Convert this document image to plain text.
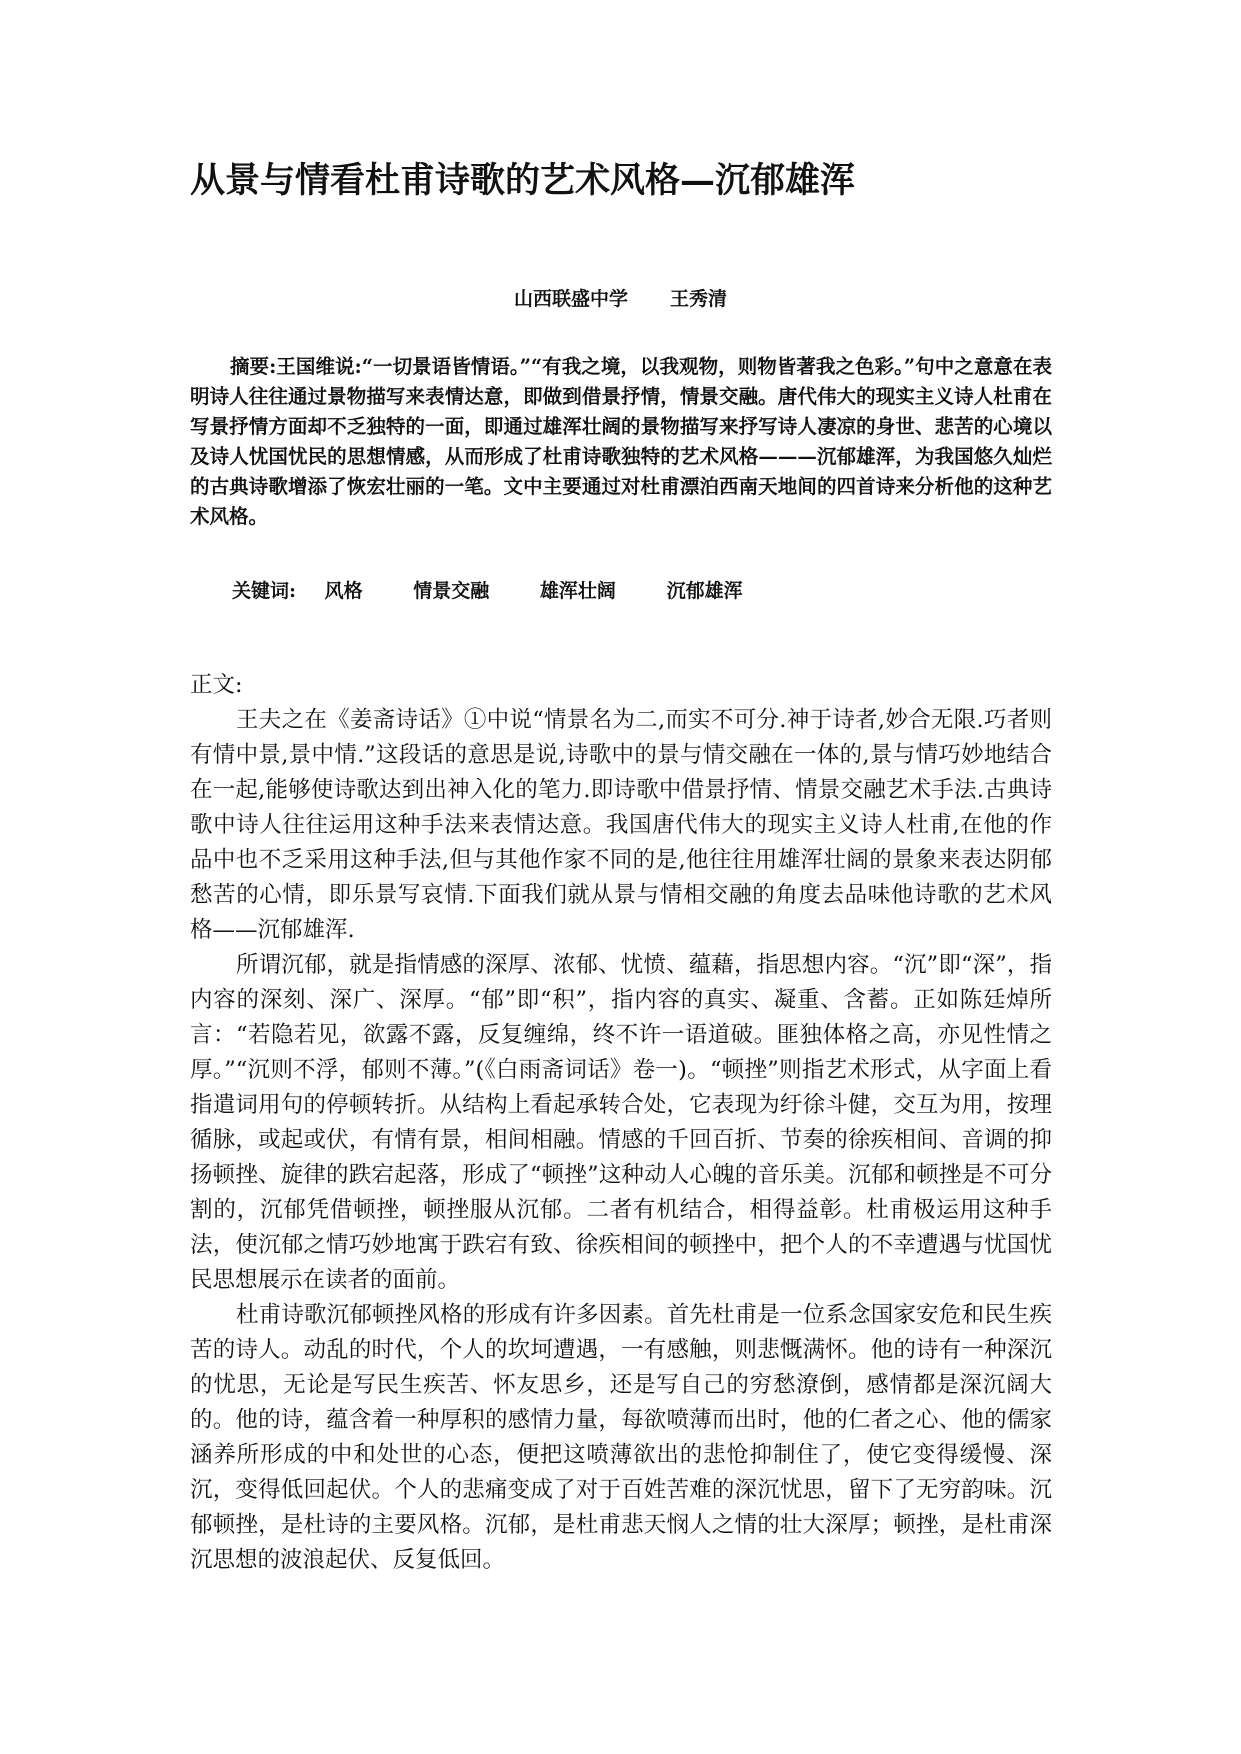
从景与情看杜甫诗歌的艺术风格—沉郁雄浑
山西联盛中学 王秀清

摘要:王国维说:“一切景语皆情语。”“有我之境，以我观物，则物皆著我之色彩。”句中之意意在表明诗人往往通过景物描写来表情达意，即做到借景抒情，情景交融。唐代伟大的现实主义诗人杜甫在写景抒情方面却不乏独特的一面，即通过雄浑壮阔的景物描写来抒写诗人凄凉的身世、悲苦的心境以及诗人忧国忧民的思想情感，从而形成了杜甫诗歌独特的艺术风格———沉郁雄浑，为我国悠久灿烂的古典诗歌增添了恢宏壮丽的一笔。文中主要通过对杜甫漂泊西南天地间的四首诗来分析他的这种艺术风格。

关键词: 风格	情景交融	雄浑壮阔	沉郁雄浑

正文:

王夫之在《姜斋诗话》①中说“情景名为二,而实不可分.神于诗者,妙合无限.巧者则有情中景,景中情.”这段话的意思是说,诗歌中的景与情交融在一体的,景与情巧妙地结合在一起,能够使诗歌达到出神入化的笔力.即诗歌中借景抒情、情景交融艺术手法.古典诗歌中诗人往往运用这种手法来表情达意。我国唐代伟大的现实主义诗人杜甫,在他的作品中也不乏采用这种手法,但与其他作家不同的是,他往往用雄浑壮阔的景象来表达阴郁愁苦的心情，即乐景写哀情.下面我们就从景与情相交融的角度去品味他诗歌的艺术风格——沉郁雄浑.

所谓沉郁，就是指情感的深厚、浓郁、忧愤、蕴藉，指思想内容。“沉”即“深”，指内容的深刻、深广、深厚。“郁”即“积”，指内容的真实、凝重、含蓄。正如陈廷焯所言：“若隐若见，欲露不露，反复缠绵，终不许一语道破。匪独体格之高，亦见性情之厚。”“沉则不浮，郁则不薄。”(《白雨斋词话》卷一)。“顿挫”则指艺术形式，从字面上看指遣词用句的停顿转折。从结构上看起承转合处，它表现为纡徐斗健，交互为用，按理循脉，或起或伏，有情有景，相间相融。情感的千回百折、节奏的徐疾相间、音调的抑扬顿挫、旋律的跌宕起落，形成了“顿挫”这种动人心魄的音乐美。沉郁和顿挫是不可分割的，沉郁凭借顿挫，顿挫服从沉郁。二者有机结合，相得益彰。杜甫极运用这种手法，使沉郁之情巧妙地寓于跌宕有致、徐疾相间的顿挫中，把个人的不幸遭遇与忧国忧民思想展示在读者的面前。

杜甫诗歌沉郁顿挫风格的形成有许多因素。首先杜甫是一位系念国家安危和民生疾苦的诗人。动乱的时代，个人的坎坷遭遇，一有感触，则悲慨满怀。他的诗有一种深沉的忧思，无论是写民生疾苦、怀友思乡，还是写自己的穷愁潦倒，感情都是深沉阔大的。他的诗，蕴含着一种厚积的感情力量，每欲喷薄而出时，他的仁者之心、他的儒家涵养所形成的中和处世的心态，便把这喷薄欲出的悲怆抑制住了，使它变得缓慢、深沉，变得低回起伏。个人的悲痛变成了对于百姓苦难的深沉忧思，留下了无穷韵味。沉郁顿挫，是杜诗的主要风格。沉郁，是杜甫悲天悯人之情的壮大深厚；顿挫，是杜甫深沉思想的波浪起伏、反复低回。
